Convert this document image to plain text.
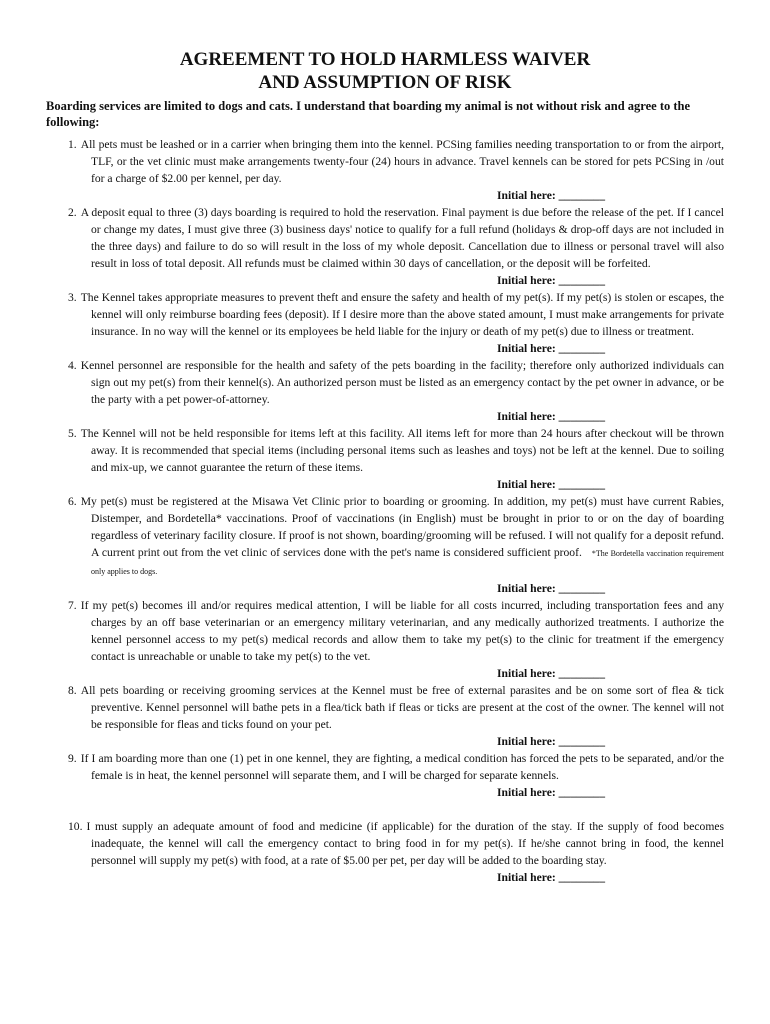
AGREEMENT TO HOLD HARMLESS WAIVER
AND ASSUMPTION OF RISK
Boarding services are limited to dogs and cats. I understand that boarding my animal is not without risk and agree to the following:
1. All pets must be leashed or in a carrier when bringing them into the kennel. PCSing families needing transportation to or from the airport, TLF, or the vet clinic must make arrangements twenty-four (24) hours in advance. Travel kennels can be stored for pets PCSing in /out for a charge of $2.00 per kennel, per day.
Initial here: ________
2. A deposit equal to three (3) days boarding is required to hold the reservation. Final payment is due before the release of the pet. If I cancel or change my dates, I must give three (3) business days' notice to qualify for a full refund (holidays & drop-off days are not included in the three days) and failure to do so will result in the loss of my whole deposit. Cancellation due to illness or personal travel will also result in loss of total deposit. All refunds must be claimed within 30 days of cancellation, or the deposit will be forfeited.
Initial here: ________
3. The Kennel takes appropriate measures to prevent theft and ensure the safety and health of my pet(s). If my pet(s) is stolen or escapes, the kennel will only reimburse boarding fees (deposit). If I desire more than the above stated amount, I must make arrangements for private insurance. In no way will the kennel or its employees be held liable for the injury or death of my pet(s) due to illness or treatment.
Initial here: ________
4. Kennel personnel are responsible for the health and safety of the pets boarding in the facility; therefore only authorized individuals can sign out my pet(s) from their kennel(s). An authorized person must be listed as an emergency contact by the pet owner in advance, or be the party with a pet power-of-attorney.
Initial here: ________
5. The Kennel will not be held responsible for items left at this facility. All items left for more than 24 hours after checkout will be thrown away. It is recommended that special items (including personal items such as leashes and toys) not be left at the kennel. Due to soiling and mix-up, we cannot guarantee the return of these items.
Initial here: ________
6. My pet(s) must be registered at the Misawa Vet Clinic prior to boarding or grooming. In addition, my pet(s) must have current Rabies, Distemper, and Bordetella* vaccinations. Proof of vaccinations (in English) must be brought in prior to or on the day of boarding regardless of veterinary facility closure. If proof is not shown, boarding/grooming will be refused. I will not qualify for a deposit refund. A current print out from the vet clinic of services done with the pet's name is considered sufficient proof. *The Bordetella vaccination requirement only applies to dogs.
Initial here: ________
7. If my pet(s) becomes ill and/or requires medical attention, I will be liable for all costs incurred, including transportation fees and any charges by an off base veterinarian or an emergency military veterinarian, and any medically authorized treatments. I authorize the kennel personnel access to my pet(s) medical records and allow them to take my pet(s) to the clinic for treatment if the emergency contact is unreachable or unable to take my pet(s) to the vet.
Initial here: ________
8. All pets boarding or receiving grooming services at the Kennel must be free of external parasites and be on some sort of flea & tick preventive. Kennel personnel will bathe pets in a flea/tick bath if fleas or ticks are present at the cost of the owner. The kennel will not be responsible for fleas and ticks found on your pet.
Initial here: ________
9. If I am boarding more than one (1) pet in one kennel, they are fighting, a medical condition has forced the pets to be separated, and/or the female is in heat, the kennel personnel will separate them, and I will be charged for separate kennels.
Initial here: ________
10. I must supply an adequate amount of food and medicine (if applicable) for the duration of the stay. If the supply of food becomes inadequate, the kennel will call the emergency contact to bring food in for my pet(s). If he/she cannot bring in food, the kennel personnel will supply my pet(s) with food, at a rate of $5.00 per pet, per day will be added to the boarding stay.
Initial here: ________
